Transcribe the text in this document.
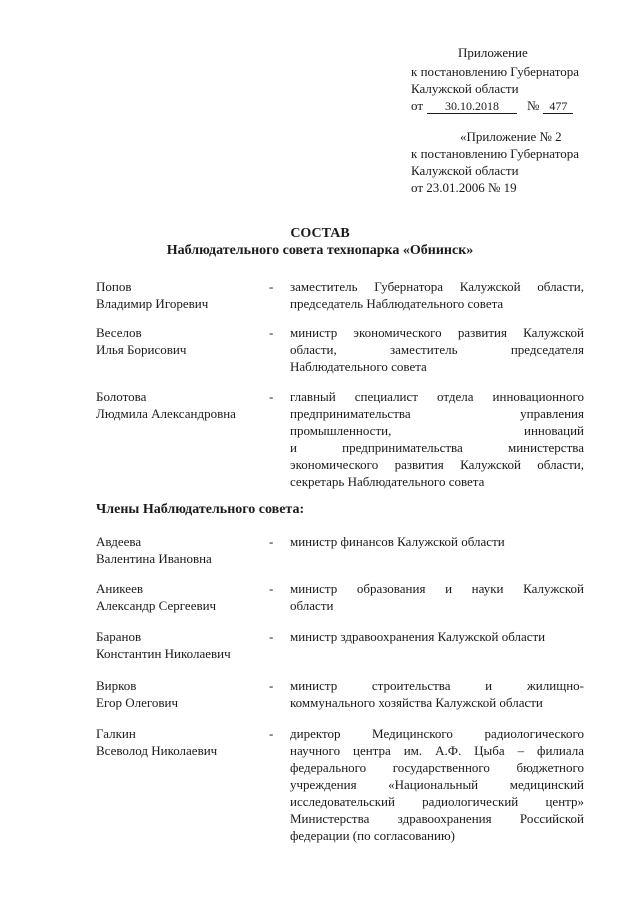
Приложение
к постановлению Губернатора
Калужской области
от 30.10.2018 № 477
«Приложение № 2
к постановлению Губернатора
Калужской области
от 23.01.2006 № 19
СОСТАВ
Наблюдательного совета технопарка «Обнинск»
Попов
Владимир Игоревич
- заместитель Губернатора Калужской области,
председатель Наблюдательного совета
Веселов
Илья Борисович
- министр экономического развития Калужской
области, заместитель председателя
Наблюдательного совета
Болотова
Людмила Александровна
- главный специалист отдела инновационного
предпринимательства управления
промышленности, инноваций
и предпринимательства министерства
экономического развития Калужской области,
секретарь Наблюдательного совета
Члены Наблюдательного совета:
Авдеева
Валентина Ивановна
- министр финансов Калужской области
Аникеев
Александр Сергеевич
- министр образования и науки Калужской
области
Баранов
Константин Николаевич
- министр здравоохранения Калужской области
Вирков
Егор Олегович
- министр строительства и жилищно-
коммунального хозяйства Калужской области
Галкин
Всеволод Николаевич
- директор Медицинского радиологического
научного центра им. А.Ф. Цыба – филиала
федерального государственного бюджетного
учреждения «Национальный медицинский
исследовательский радиологический центр»
Министерства здравоохранения Российской
федерации (по согласованию)
